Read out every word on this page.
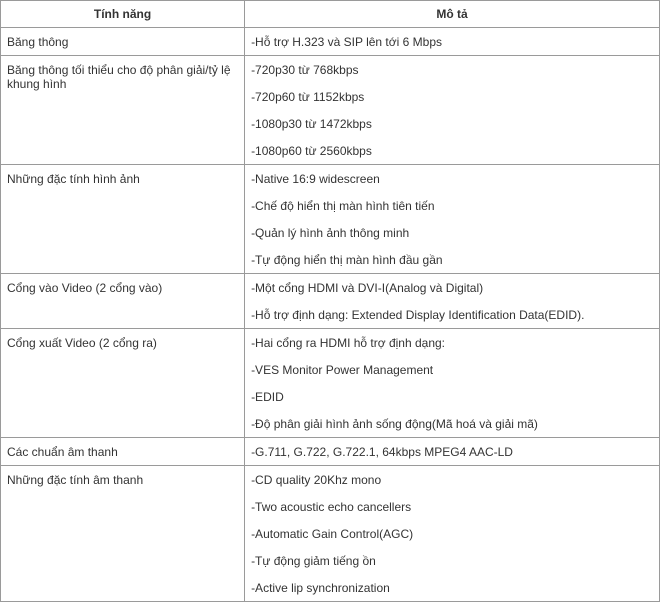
Tính năng	Mô tả
Băng thông	-Hỗ trợ H.323 và SIP lên tới 6 Mbps

Băng thông tối thiểu cho độ phân giải/tỷ lệ khung hình	-720p30 từ 768kbps
-720p60 từ 1152kbps
-1080p30 từ 1472kbps
-1080p60 từ 2560kbps

Những đặc tính hình ảnh	-Native 16:9 widescreen
-Chế độ hiển thị màn hình tiên tiến
-Quản lý hình ảnh thông minh
-Tự động hiển thị màn hình đầu gần

Cổng vào Video (2 cổng vào)	-Một cổng HDMI và DVI-I(Analog và Digital)
-Hỗ trợ định dạng: Extended Display Identification Data(EDID).

Cổng xuất Video (2 cổng ra)	-Hai cổng ra HDMI hỗ trợ định dạng:
-VES Monitor Power Management
-EDID
-Độ phân giải hình ảnh sống động(Mã hoá và giải mã)

Các chuẩn âm thanh	-G.711, G.722, G.722.1, 64kbps MPEG4 AAC-LD

Những đặc tính âm thanh	-CD quality 20Khz mono
-Two acoustic echo cancellers
-Automatic Gain Control(AGC)
-Tự động giảm tiếng ồn
-Active lip synchronization
